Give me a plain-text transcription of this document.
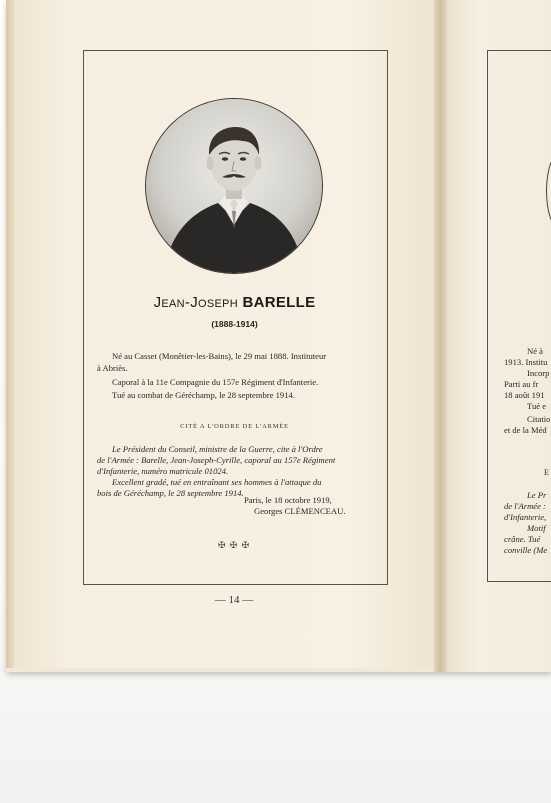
Jean-Joseph BARELLE
(1888-1914)
Né au Casset (Monêtier-les-Bains), le 29 mai 1888. Instituteur
à Abriès.
Caporal à la 11e Compagnie du 157e Régiment d'Infanterie.
Tué au combat de Géréchamp, le 28 septembre 1914.
CITÉ A L'ORDRE DE L'ARMÉE
Le Président du Conseil, ministre de la Guerre, cite à l'Ordre
de l'Armée : Barelle, Jean-Joseph-Cyrille, caporal au 157e Régiment
d'Infanterie, numéro matricule 01024.
Excellent gradé, tué en entraînant ses hommes à l'attaque du
bois de Géréchamp, le 28 septembre 1914.
Paris, le 18 octobre 1919,
Georges CLÉMENCEAU.
✠ ✠ ✠
— 14 —
Né à
1913. Institu
Incorp
Parti au fr
18 août 191
Tué e
Citatio
et de la Méd
E
Le Pr
de l'Armée :
d'Infanterie,
Motif
crâne. Tué
conville (Me
